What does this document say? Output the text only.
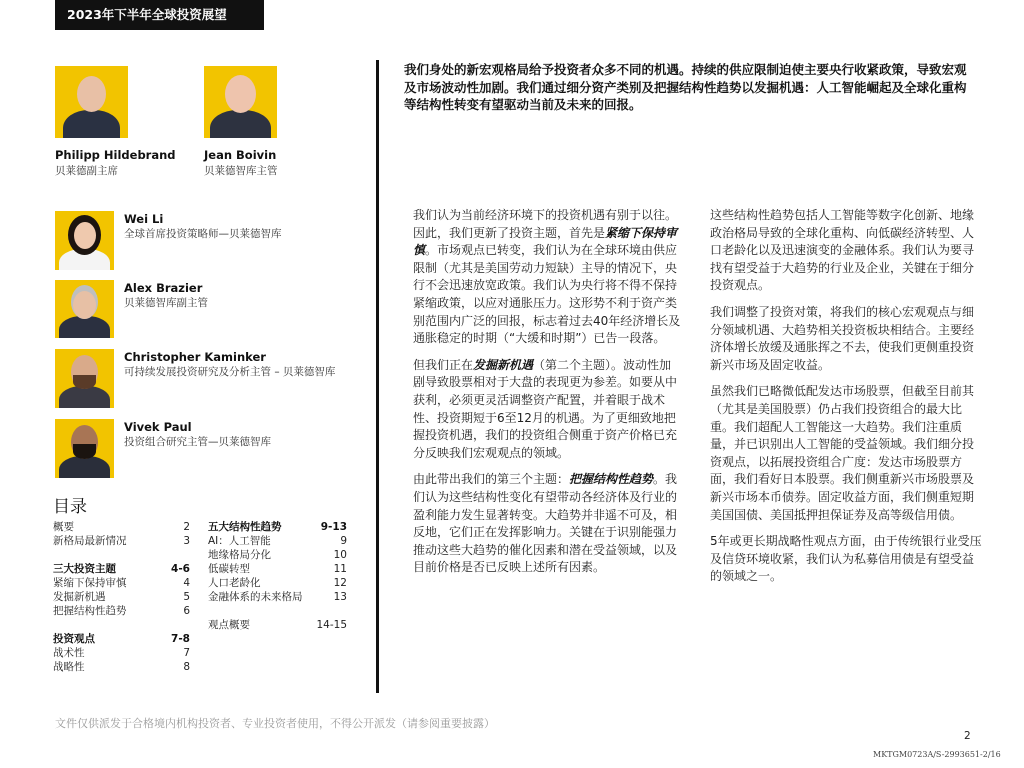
2023年下半年全球投资展望
Philipp Hildebrand
贝莱德副主席
Jean Boivin
贝莱德智库主管
Wei Li
全球首席投资策略师—贝莱德智库
Alex Brazier
贝莱德智库副主管
Christopher Kaminker
可持续发展投资研究及分析主管 – 贝莱德智库
Vivek Paul
投资组合研究主管—贝莱德智库
目录
概要	2
新格局最新情况	3
三大投资主题	4-6
紧缩下保持审慎	4
发掘新机遇	5
把握结构性趋势	6
投资观点	7-8
战术性	7
战略性	8
五大结构性趋势	9-13
AI：人工智能	9
地缘格局分化	10
低碳转型	11
人口老龄化	12
金融体系的未来格局	13
观点概要	14-15
我们身处的新宏观格局给予投资者众多不同的机遇。持续的供应限制迫使主要央行收紧政策，导致宏观及市场波动性加剧。我们通过细分资产类别及把握结构性趋势以发掘机遇：人工智能崛起及全球化重构等结构性转变有望驱动当前及未来的回报。

我们认为当前经济环境下的投资机遇有别于以往。因此，我们更新了投资主题，首先是紧缩下保持审慎。市场观点已转变，我们认为在全球环境由供应限制（尤其是美国劳动力短缺）主导的情况下，央行不会迅速放宽政策。我们认为央行将不得不保持紧缩政策，以应对通胀压力。这形势不利于资产类别范围内广泛的回报，标志着过去40年经济增长及通胀稳定的时期（“大缓和时期”）已告一段落。

但我们正在发掘新机遇（第二个主题）。波动性加剧导致股票相对于大盘的表现更为参差。如要从中获利，必须更灵活调整资产配置，并着眼于战术性、投资期短于6至12月的机遇。为了更细致地把握投资机遇，我们的投资组合侧重于资产价格已充分反映我们宏观观点的领域。

由此带出我们的第三个主题：把握结构性趋势。我们认为这些结构性变化有望带动各经济体及行业的盈利能力发生显著转变。大趋势并非遥不可及，相反地，它们正在发挥影响力。关键在于识别能强力推动这些大趋势的催化因素和潜在受益领域，以及目前价格是否已反映上述所有因素。

这些结构性趋势包括人工智能等数字化创新、地缘政治格局导致的全球化重构、向低碳经济转型、人口老龄化以及迅速演变的金融体系。我们认为要寻找有望受益于大趋势的行业及企业，关键在于细分投资观点。

我们调整了投资对策，将我们的核心宏观观点与细分领域机遇、大趋势相关投资板块相结合。主要经济体增长放缓及通胀挥之不去，使我们更侧重投资新兴市场及固定收益。

虽然我们已略微低配发达市场股票，但截至目前其（尤其是美国股票）仍占我们投资组合的最大比重。我们超配人工智能这一大趋势。我们注重质量，并已识别出人工智能的受益领域。我们细分投资观点，以拓展投资组合广度：发达市场股票方面，我们看好日本股票。我们侧重新兴市场股票及新兴市场本币债券。固定收益方面，我们侧重短期美国国债、美国抵押担保证券及高等级信用债。

5年或更长期战略性观点方面，由于传统银行业受压及信贷环境收紧，我们认为私募信用债是有望受益的领域之一。

文件仅供派发于合格境内机构投资者、专业投资者使用，不得公开派发（请参阅重要披露）
2
MKTGM0723A/S-2993651-2/16
